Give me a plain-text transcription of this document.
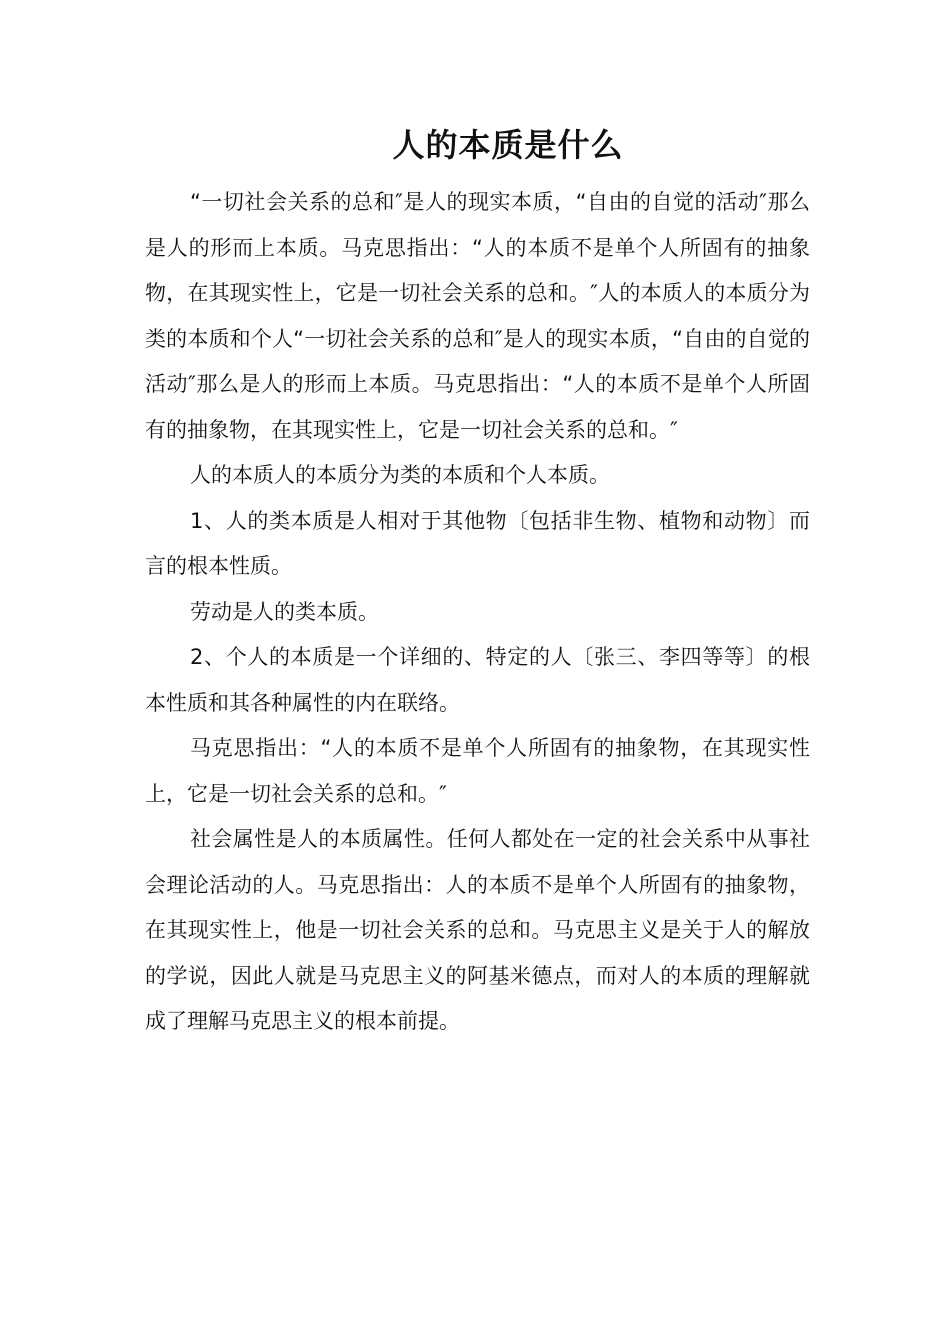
人的本质是什么

“一切社会关系的总和″是人的现实本质，“自由的自觉的活动″那么是人的形而上本质。马克思指出：“人的本质不是单个人所固有的抽象物，在其现实性上，它是一切社会关系的总和。″人的本质人的本质分为类的本质和个人“一切社会关系的总和″是人的现实本质，“自由的自觉的活动″那么是人的形而上本质。马克思指出：“人的本质不是单个人所固有的抽象物，在其现实性上，它是一切社会关系的总和。″

人的本质人的本质分为类的本质和个人本质。

1、人的类本质是人相对于其他物〔包括非生物、植物和动物〕而言的根本性质。

劳动是人的类本质。

2、个人的本质是一个详细的、特定的人〔张三、李四等等〕的根本性质和其各种属性的内在联络。

马克思指出：“人的本质不是单个人所固有的抽象物，在其现实性上，它是一切社会关系的总和。″

社会属性是人的本质属性。任何人都处在一定的社会关系中从事社会理论活动的人。马克思指出：人的本质不是单个人所固有的抽象物，在其现实性上，他是一切社会关系的总和。马克思主义是关于人的解放的学说，因此人就是马克思主义的阿基米德点，而对人的本质的理解就成了理解马克思主义的根本前提。
